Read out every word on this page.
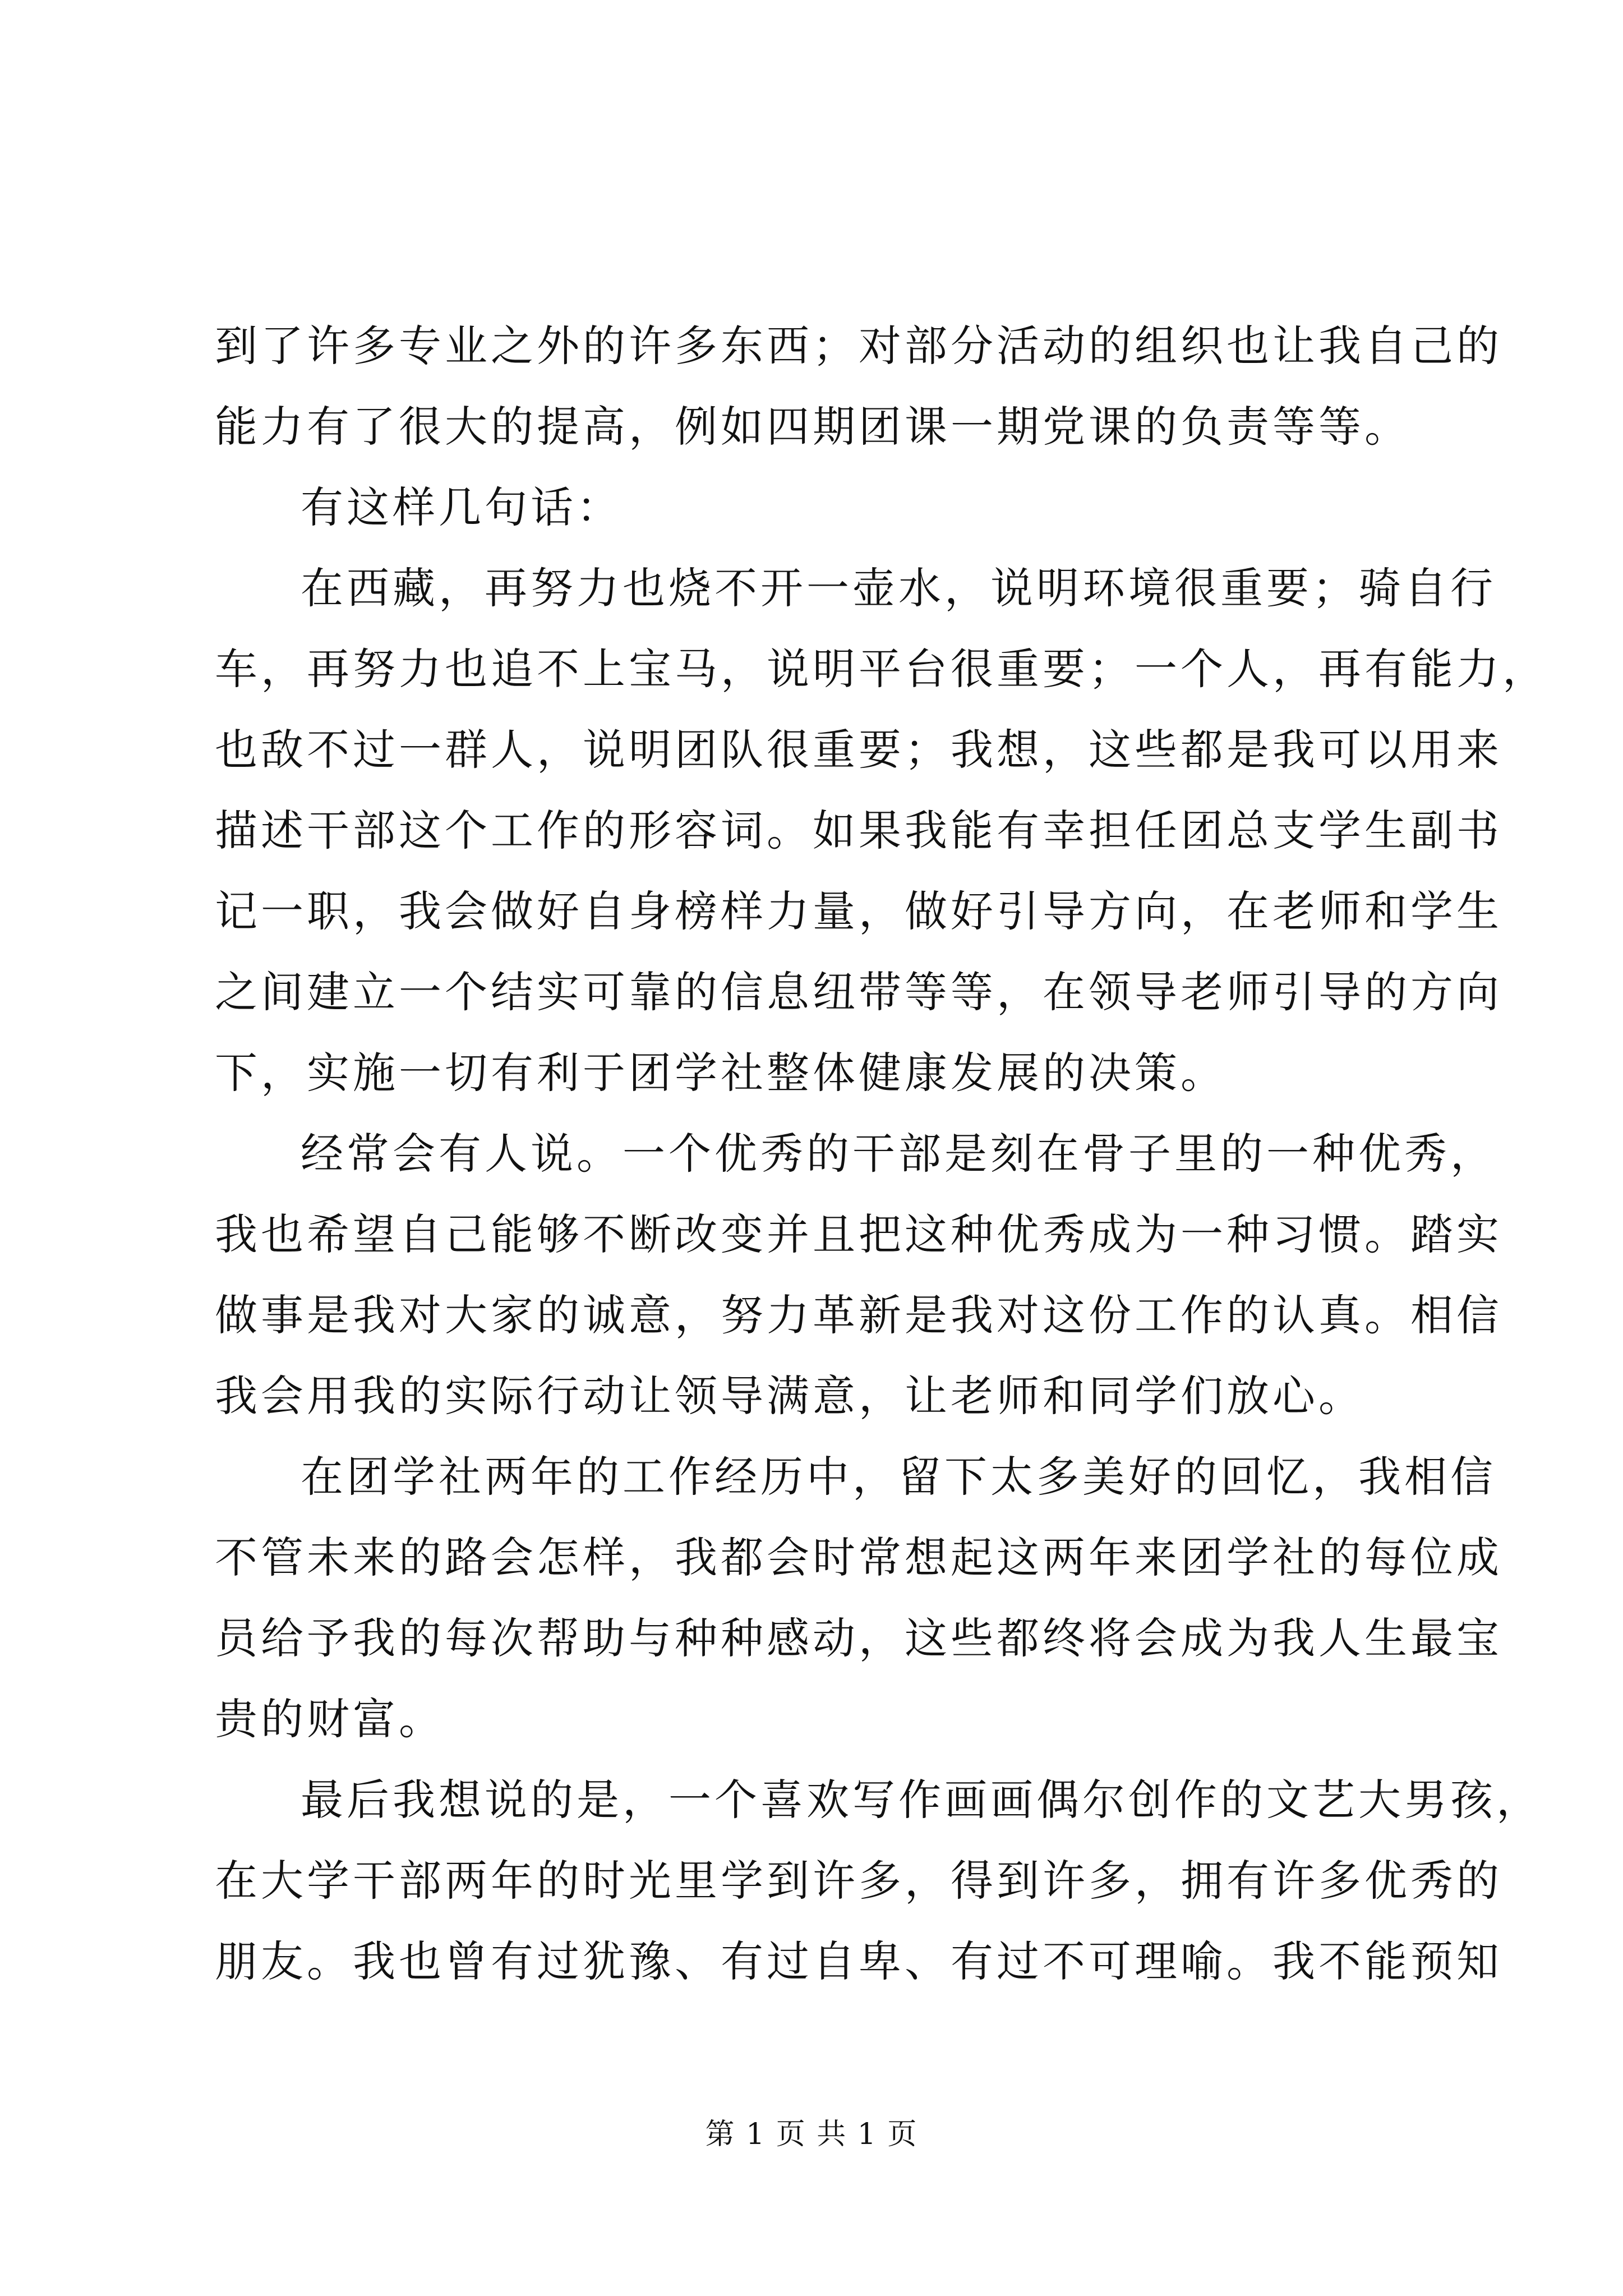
到了许多专业之外的许多东西；对部分活动的组织也让我自己的
能力有了很大的提高，例如四期团课一期党课的负责等等。
有这样几句话：
在西藏，再努力也烧不开一壶水，说明环境很重要；骑自行
车，再努力也追不上宝马，说明平台很重要；一个人，再有能力，
也敌不过一群人，说明团队很重要；我想，这些都是我可以用来
描述干部这个工作的形容词。如果我能有幸担任团总支学生副书
记一职，我会做好自身榜样力量，做好引导方向，在老师和学生
之间建立一个结实可靠的信息纽带等等，在领导老师引导的方向
下，实施一切有利于团学社整体健康发展的决策。
经常会有人说。一个优秀的干部是刻在骨子里的一种优秀，
我也希望自己能够不断改变并且把这种优秀成为一种习惯。踏实
做事是我对大家的诚意，努力革新是我对这份工作的认真。相信
我会用我的实际行动让领导满意，让老师和同学们放心。
在团学社两年的工作经历中，留下太多美好的回忆，我相信
不管未来的路会怎样，我都会时常想起这两年来团学社的每位成
员给予我的每次帮助与种种感动，这些都终将会成为我人生最宝
贵的财富。
最后我想说的是，一个喜欢写作画画偶尔创作的文艺大男孩，
在大学干部两年的时光里学到许多，得到许多，拥有许多优秀的
朋友。我也曾有过犹豫、有过自卑、有过不可理喻。我不能预知
第 1 页 共 1 页
